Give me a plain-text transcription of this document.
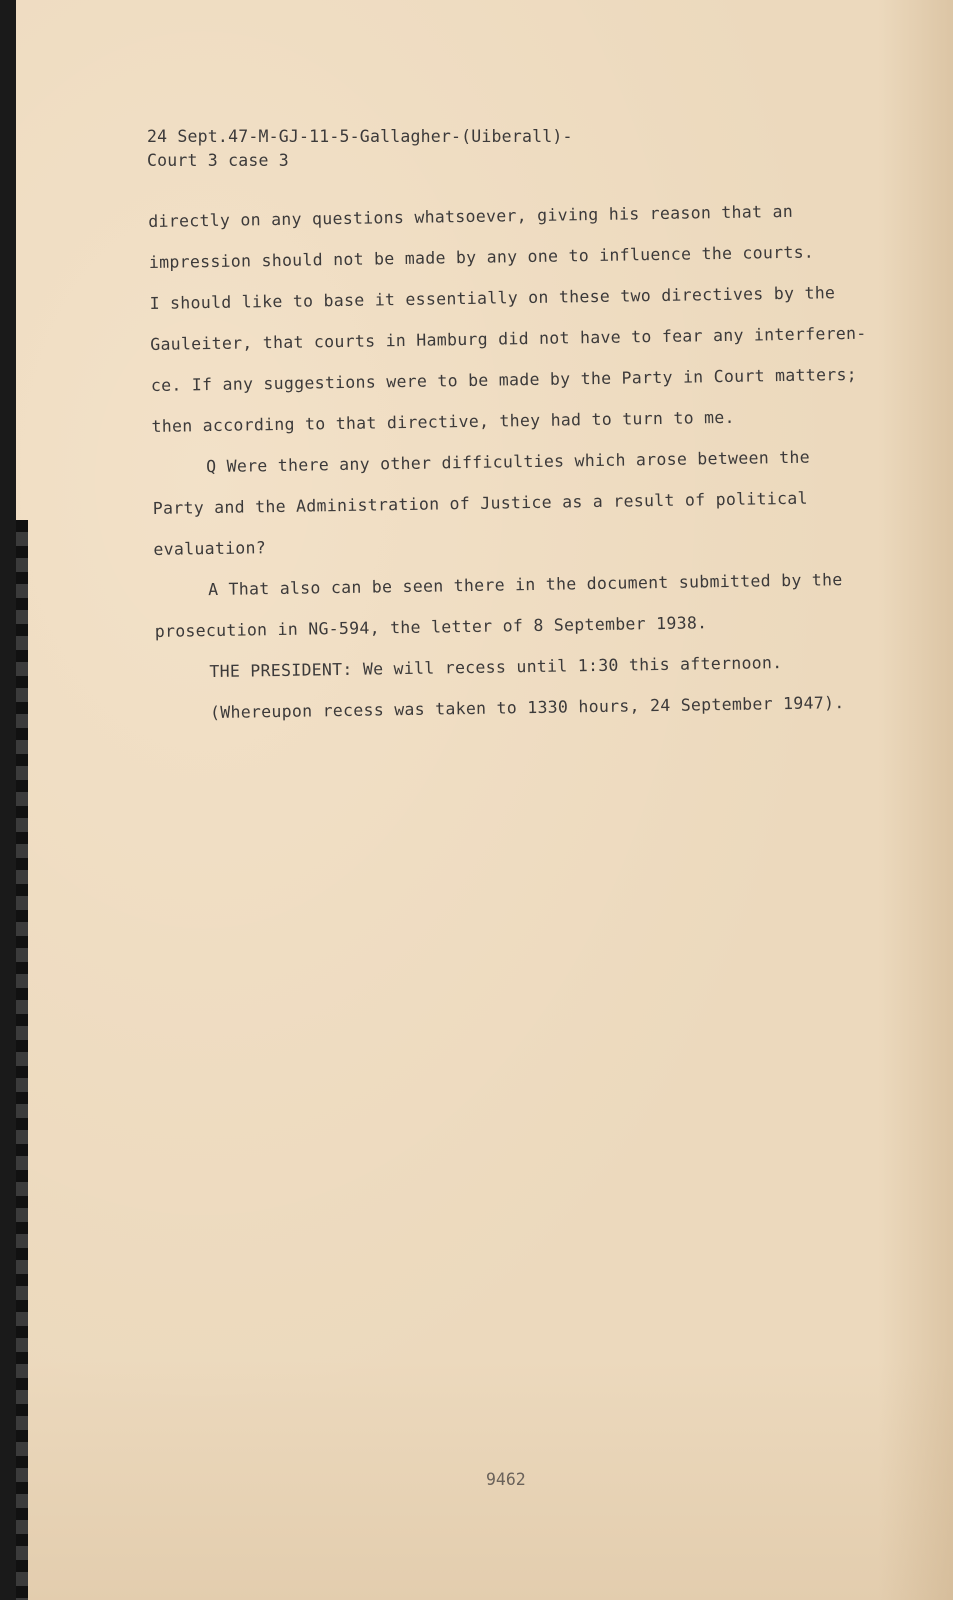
24 Sept.47-M-GJ-11-5-Gallagher-(Uiberall)-
Court 3 case 3
directly on any questions whatsoever, giving his reason that an
impression should not be made by any one to influence the courts.
I should like to base it essentially on these two directives by the
Gauleiter, that courts in Hamburg did not have to fear any interferen-
ce. If any suggestions were to be made by the Party in Court matters;
then according to that directive, they had to turn to me.
Q Were there any other difficulties which arose between the
Party and the Administration of Justice as a result of political
evaluation?
A That also can be seen there in the document submitted by the
prosecution in NG-594, the letter of 8 September 1938.
THE PRESIDENT: We will recess until 1:30 this afternoon.
(Whereupon recess was taken to 1330 hours, 24 September 1947).
9462
